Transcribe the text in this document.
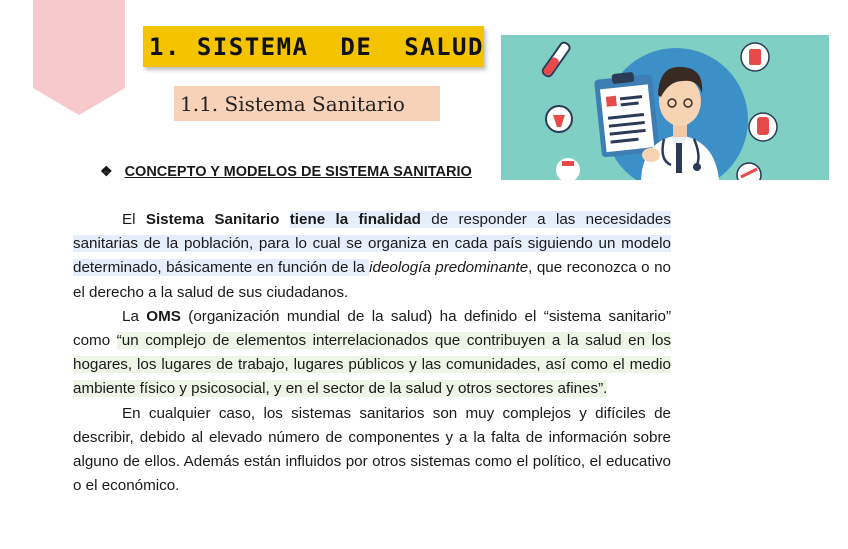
1. SISTEMA  DE  SALUD
1.1. Sistema Sanitario
❖ CONCEPTO Y MODELOS DE SISTEMA SANITARIO

El Sistema Sanitario tiene la finalidad de responder a las necesidades sanitarias de la población, para lo cual se organiza en cada país siguiendo un modelo determinado, básicamente en función de la ideología predominante, que reconozca o no el derecho a la salud de sus ciudadanos.

La OMS (organización mundial de la salud) ha definido el “sistema sanitario” como “un complejo de elementos interrelacionados que contribuyen a la salud en los hogares, los lugares de trabajo, lugares públicos y las comunidades, así como el medio ambiente físico y psicosocial, y en el sector de la salud y otros sectores afines”.

En cualquier caso, los sistemas sanitarios son muy complejos y difíciles de describir, debido al elevado número de componentes y a la falta de información sobre alguno de ellos. Además están influidos por otros sistemas como el político, el educativo o el económico.
